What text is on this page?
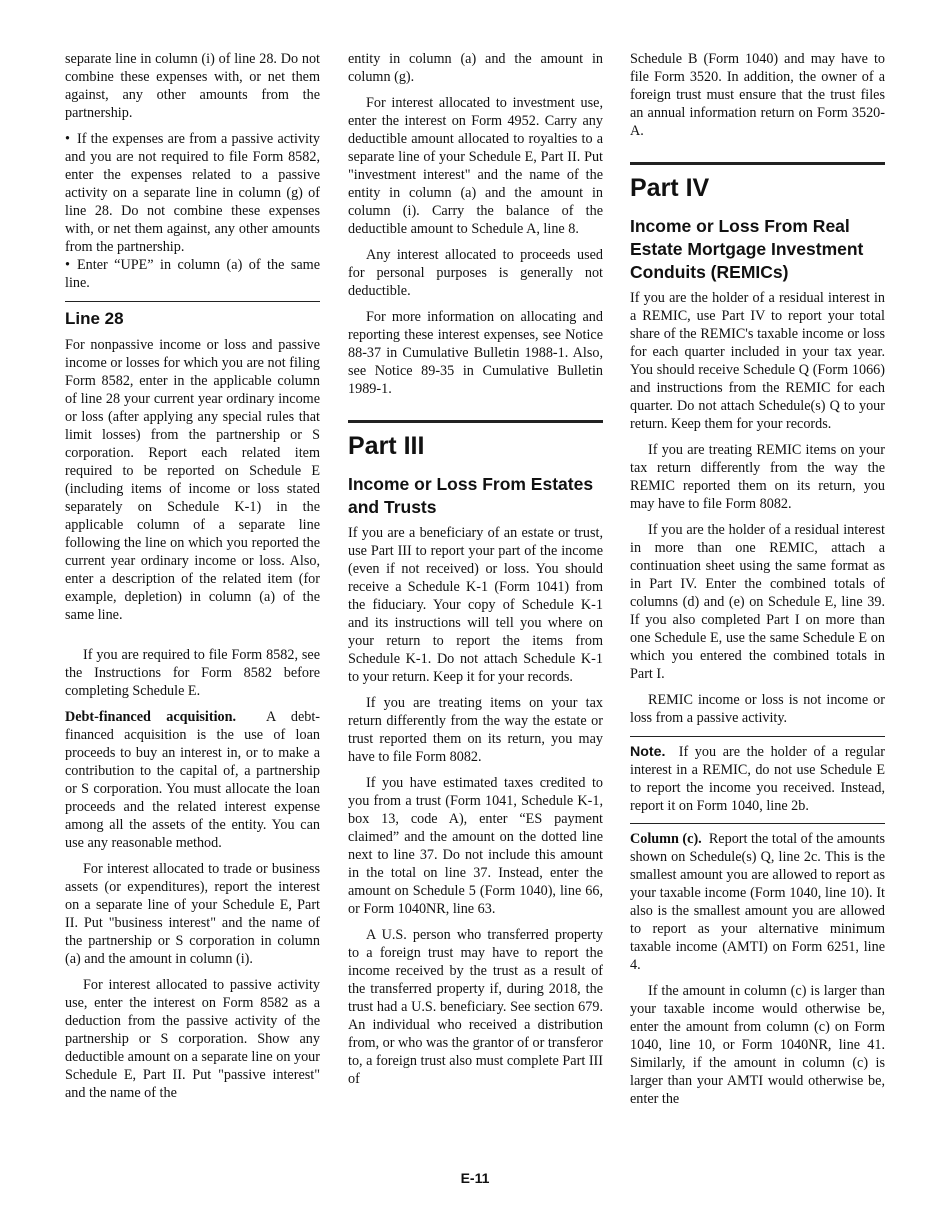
separate line in column (i) of line 28. Do not combine these expenses with, or net them against, any other amounts from the partnership.

• If the expenses are from a passive activity and you are not required to file Form 8582, enter the expenses related to a passive activity on a separate line in column (g) of line 28. Do not combine these expenses with, or net them against, any other amounts from the partnership.

• Enter “UPE” in column (a) of the same line.

Line 28

For nonpassive income or loss and passive income or losses for which you are not filing Form 8582, enter in the applicable column of line 28 your current year ordinary income or loss (after applying any special rules that limit losses) from the partnership or S corporation. Report each related item required to be reported on Schedule E (including items of income or loss stated separately on Schedule K-1) in the applicable column of a separate line following the line on which you reported the current year ordinary income or loss. Also, enter a description of the related item (for example, depletion) in column (a) of the same line.

If you are required to file Form 8582, see the Instructions for Form 8582 before completing Schedule E.

Debt-financed acquisition. A debt-financed acquisition is the use of loan proceeds to buy an interest in, or to make a contribution to the capital of, a partnership or S corporation. You must allocate the loan proceeds and the related interest expense among all the assets of the entity. You can use any reasonable method.

For interest allocated to trade or business assets (or expenditures), report the interest on a separate line of your Schedule E, Part II. Put "business interest" and the name of the partnership or S corporation in column (a) and the amount in column (i).

For interest allocated to passive activity use, enter the interest on Form 8582 as a deduction from the passive activity of the partnership or S corporation. Show any deductible amount on a separate line on your Schedule E, Part II. Put "passive interest" and the name of the

entity in column (a) and the amount in column (g).

For interest allocated to investment use, enter the interest on Form 4952. Carry any deductible amount allocated to royalties to a separate line of your Schedule E, Part II. Put "investment interest" and the name of the entity in column (a) and the amount in column (i). Carry the balance of the deductible amount to Schedule A, line 8.

Any interest allocated to proceeds used for personal purposes is generally not deductible.

For more information on allocating and reporting these interest expenses, see Notice 88-37 in Cumulative Bulletin 1988-1. Also, see Notice 89-35 in Cumulative Bulletin 1989-1.

Part III
Income or Loss From Estates and Trusts

If you are a beneficiary of an estate or trust, use Part III to report your part of the income (even if not received) or loss. You should receive a Schedule K-1 (Form 1041) from the fiduciary. Your copy of Schedule K-1 and its instructions will tell you where on your return to report the items from Schedule K-1. Do not attach Schedule K-1 to your return. Keep it for your records.

If you are treating items on your tax return differently from the way the estate or trust reported them on its return, you may have to file Form 8082.

If you have estimated taxes credited to you from a trust (Form 1041, Schedule K-1, box 13, code A), enter “ES payment claimed” and the amount on the dotted line next to line 37. Do not include this amount in the total on line 37. Instead, enter the amount on Schedule 5 (Form 1040), line 66, or Form 1040NR, line 63.

A U.S. person who transferred property to a foreign trust may have to report the income received by the trust as a result of the transferred property if, during 2018, the trust had a U.S. beneficiary. See section 679. An individual who received a distribution from, or who was the grantor of or transferor to, a foreign trust also must complete Part III of

Schedule B (Form 1040) and may have to file Form 3520. In addition, the owner of a foreign trust must ensure that the trust files an annual information return on Form 3520-A.

Part IV
Income or Loss From Real Estate Mortgage Investment Conduits (REMICs)

If you are the holder of a residual interest in a REMIC, use Part IV to report your total share of the REMIC's taxable income or loss for each quarter included in your tax year. You should receive Schedule Q (Form 1066) and instructions from the REMIC for each quarter. Do not attach Schedule(s) Q to your return. Keep them for your records.

If you are treating REMIC items on your tax return differently from the way the REMIC reported them on its return, you may have to file Form 8082.

If you are the holder of a residual interest in more than one REMIC, attach a continuation sheet using the same format as in Part IV. Enter the combined totals of columns (d) and (e) on Schedule E, line 39. If you also completed Part I on more than one Schedule E, use the same Schedule E on which you entered the combined totals in Part I.

REMIC income or loss is not income or loss from a passive activity.

Note. If you are the holder of a regular interest in a REMIC, do not use Schedule E to report the income you received. Instead, report it on Form 1040, line 2b.

Column (c). Report the total of the amounts shown on Schedule(s) Q, line 2c. This is the smallest amount you are allowed to report as your taxable income (Form 1040, line 10). It also is the smallest amount you are allowed to report as your alternative minimum taxable income (AMTI) on Form 6251, line 4.

If the amount in column (c) is larger than your taxable income would otherwise be, enter the amount from column (c) on Form 1040, line 10, or Form 1040NR, line 41. Similarly, if the amount in column (c) is larger than your AMTI would otherwise be, enter the

E-11
